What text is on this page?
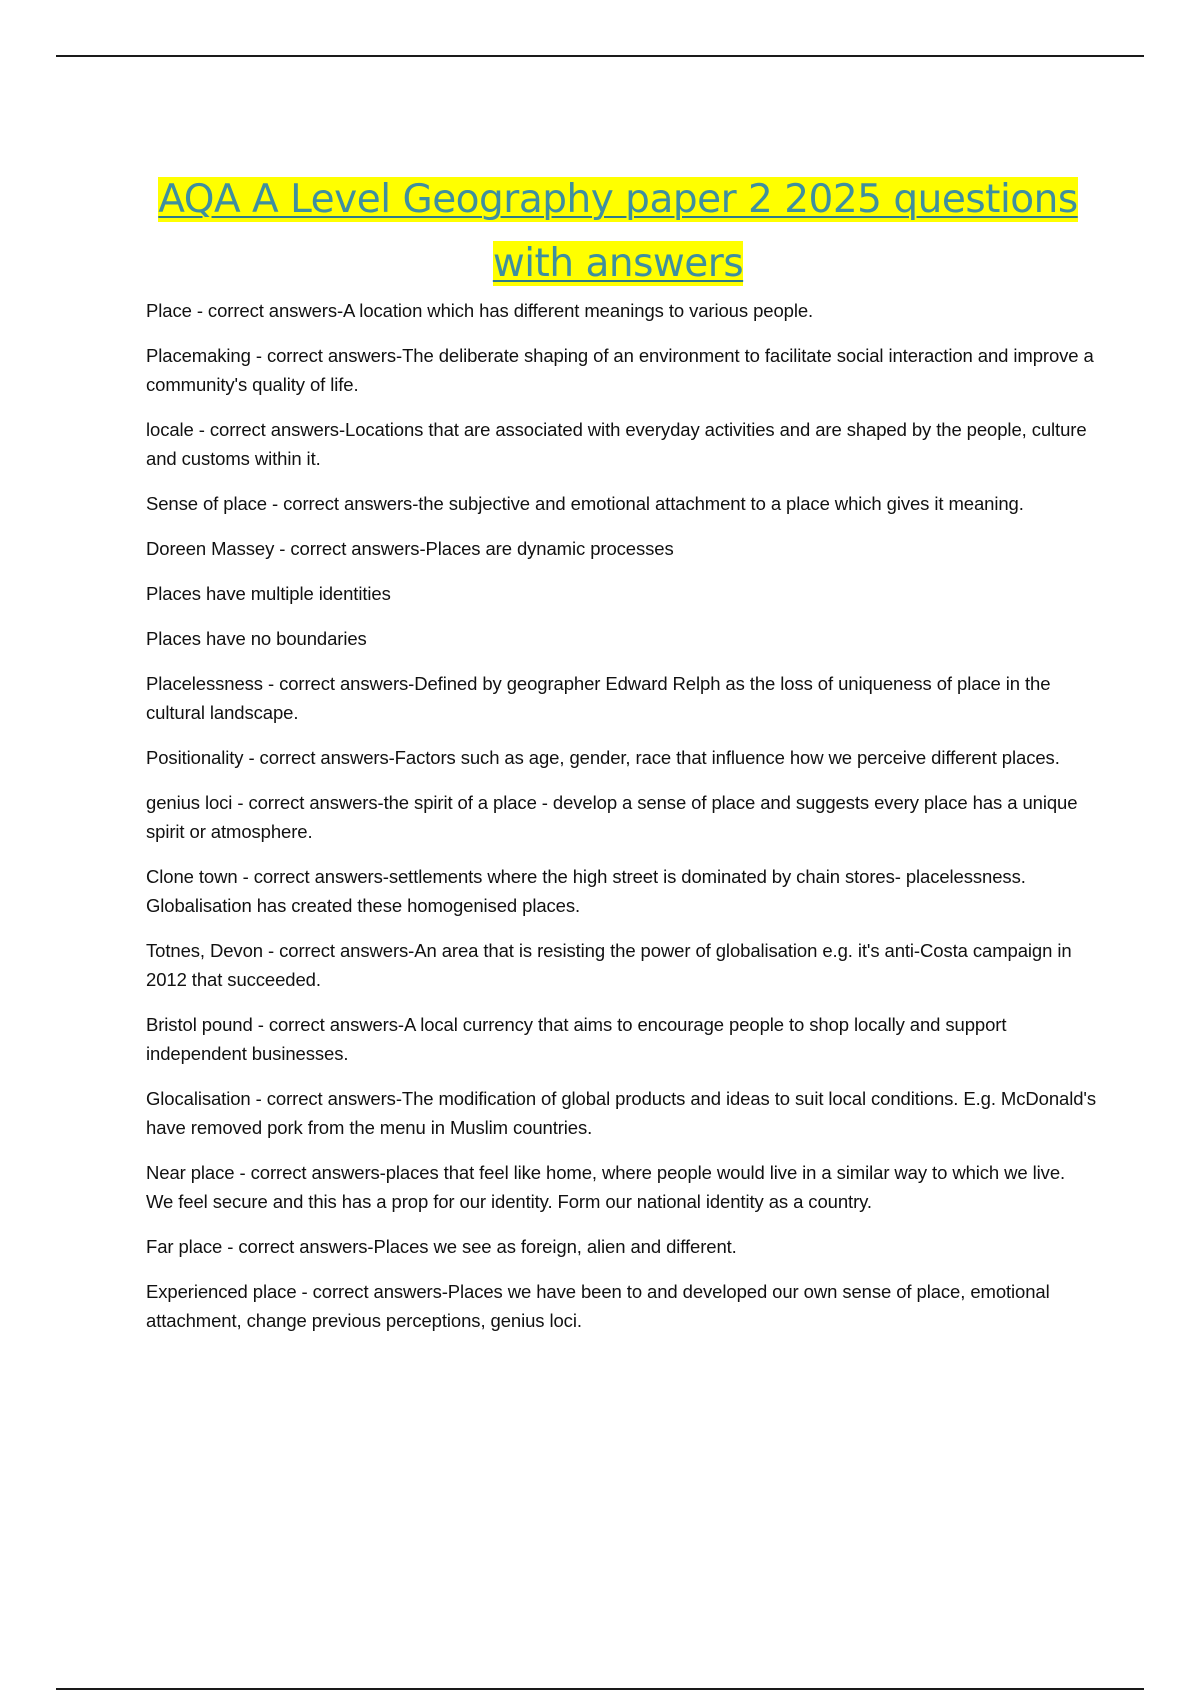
AQA A Level Geography paper 2 2025 questions with answers

Place - correct answers-A location which has different meanings to various people.

Placemaking - correct answers-The deliberate shaping of an environment to facilitate social interaction and improve a community's quality of life.

locale - correct answers-Locations that are associated with everyday activities and are shaped by the people, culture and customs within it.

Sense of place - correct answers-the subjective and emotional attachment to a place which gives it meaning.

Doreen Massey - correct answers-Places are dynamic processes

Places have multiple identities

Places have no boundaries

Placelessness - correct answers-Defined by geographer Edward Relph as the loss of uniqueness of place in the cultural landscape.

Positionality - correct answers-Factors such as age, gender, race that influence how we perceive different places.

genius loci - correct answers-the spirit of a place - develop a sense of place and suggests every place has a unique spirit or atmosphere.

Clone town - correct answers-settlements where the high street is dominated by chain stores- placelessness. Globalisation has created these homogenised places.

Totnes, Devon - correct answers-An area that is resisting the power of globalisation e.g. it's anti-Costa campaign in 2012 that succeeded.

Bristol pound - correct answers-A local currency that aims to encourage people to shop locally and support independent businesses.

Glocalisation - correct answers-The modification of global products and ideas to suit local conditions. E.g. McDonald's have removed pork from the menu in Muslim countries.

Near place - correct answers-places that feel like home, where people would live in a similar way to which we live. We feel secure and this has a prop for our identity. Form our national identity as a country.

Far place - correct answers-Places we see as foreign, alien and different.

Experienced place - correct answers-Places we have been to and developed our own sense of place, emotional attachment, change previous perceptions, genius loci.
